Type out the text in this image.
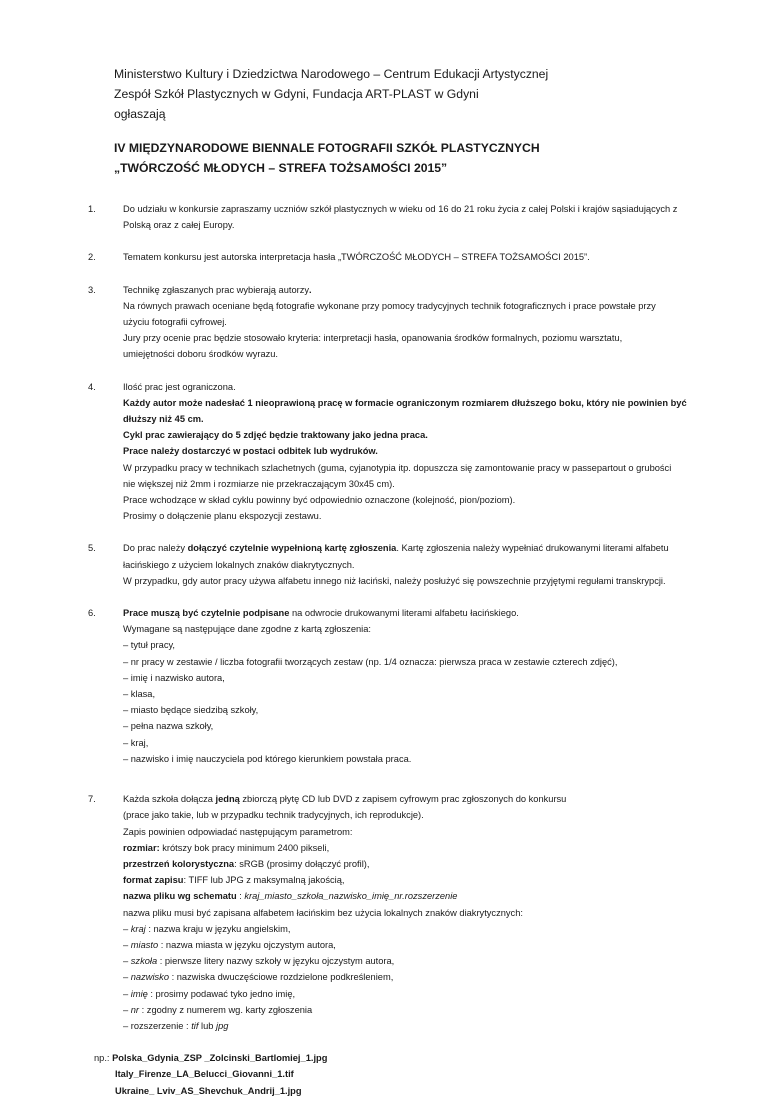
Ministerstwo Kultury i Dziedzictwa Narodowego – Centrum Edukacji Artystycznej
Zespół Szkół Plastycznych w Gdyni, Fundacja ART-PLAST w Gdyni
ogłaszają
IV MIĘDZYNARODOWE BIENNALE FOTOGRAFII SZKÓŁ PLASTYCZNYCH
„TWÓRCZOŚĆ MŁODYCH – STREFA TOŻSAMOŚCI 2015”
1.	Do udziału w konkursie zapraszamy uczniów szkół plastycznych w wieku od 16 do 21 roku życia z całej Polski i krajów sąsiadujących z

Polską oraz z całej Europy.

2.	Tematem konkursu jest autorska interpretacja hasła „TWÓRCZOŚĆ MŁODYCH – STREFA TOŻSAMOŚCI 2015”.

3.	Technikę zgłaszanych prac wybierają autorzy.

Na równych prawach oceniane będą fotografie wykonane przy pomocy tradycyjnych technik fotograficznych i prace powstałe przy

użyciu fotografii cyfrowej.

Jury przy ocenie prac będzie stosowało kryteria: interpretacji hasła, opanowania środków formalnych, poziomu warsztatu,

umiejętności doboru środków wyrazu.

4.	Ilość prac jest ograniczona.

Każdy autor może nadesłać 1 nieoprawioną pracę w formacie ograniczonym rozmiarem dłuższego boku, który nie powinien być

dłuższy niż 45 cm.

Cykl prac zawierający do 5 zdjęć będzie traktowany jako jedna praca.

Prace należy dostarczyć w postaci odbitek lub wydruków.

W przypadku pracy w technikach szlachetnych (guma, cyjanotypia itp. dopuszcza się zamontowanie pracy w passepartout o grubości

nie większej niż 2mm i rozmiarze nie przekraczającym 30x45 cm).

Prace wchodzące w skład cyklu powinny być odpowiednio oznaczone (kolejność, pion/poziom).

Prosimy o dołączenie planu ekspozycji zestawu.

5.	Do prac należy dołączyć czytelnie wypełnioną kartę zgłoszenia. Kartę zgłoszenia należy wypełniać drukowanymi literami alfabetu

łacińskiego z użyciem lokalnych znaków diakrytycznych.

W przypadku, gdy autor pracy używa alfabetu innego niż łaciński, należy posłużyć się powszechnie przyjętymi regułami transkrypcji.

6.	Prace muszą być czytelnie podpisane na odwrocie drukowanymi literami alfabetu łacińskiego.

Wymagane są następujące dane zgodne z kartą zgłoszenia:

– tytuł pracy,

– nr pracy w zestawie / liczba fotografii tworzących zestaw (np. 1/4 oznacza: pierwsza praca w zestawie czterech zdjęć),

– imię i nazwisko autora,

– klasa,

– miasto będące siedzibą szkoły,

– pełna nazwa szkoły,

– kraj,

– nazwisko i imię nauczyciela pod którego kierunkiem powstała praca.

7.	Każda szkoła dołącza jedną zbiorczą płytę CD lub DVD z zapisem cyfrowym prac zgłoszonych do konkursu

(prace jako takie, lub w przypadku technik tradycyjnych, ich reprodukcje).

Zapis powinien odpowiadać następującym parametrom:

rozmiar: krótszy bok pracy minimum 2400 pikseli,

przestrzeń kolorystyczna: sRGB (prosimy dołączyć profil),

format zapisu: TIFF lub JPG z maksymalną jakością,

nazwa pliku wg schematu : kraj_miasto_szkoła_nazwisko_imię_nr.rozszerzenie

nazwa pliku musi być zapisana alfabetem łacińskim bez użycia lokalnych znaków diakrytycznych:

– kraj : nazwa kraju w języku angielskim,

– miasto : nazwa miasta w języku ojczystym autora,

– szkoła : pierwsze litery nazwy szkoły w języku ojczystym autora,

– nazwisko : nazwiska dwuczęściowe rozdzielone podkreśleniem,

– imię : prosimy podawać tyko jedno imię,

– nr : zgodny z numerem wg. karty zgłoszenia

– rozszerzenie : tif lub jpg

np.: Polska_Gdynia_ZSP _Zolcinski_Bartlomiej_1.jpg

Italy_Firenze_LA_Belucci_Giovanni_1.tif

Ukraine_ Lviv_AS_Shevchuk_Andrij_1.jpg
